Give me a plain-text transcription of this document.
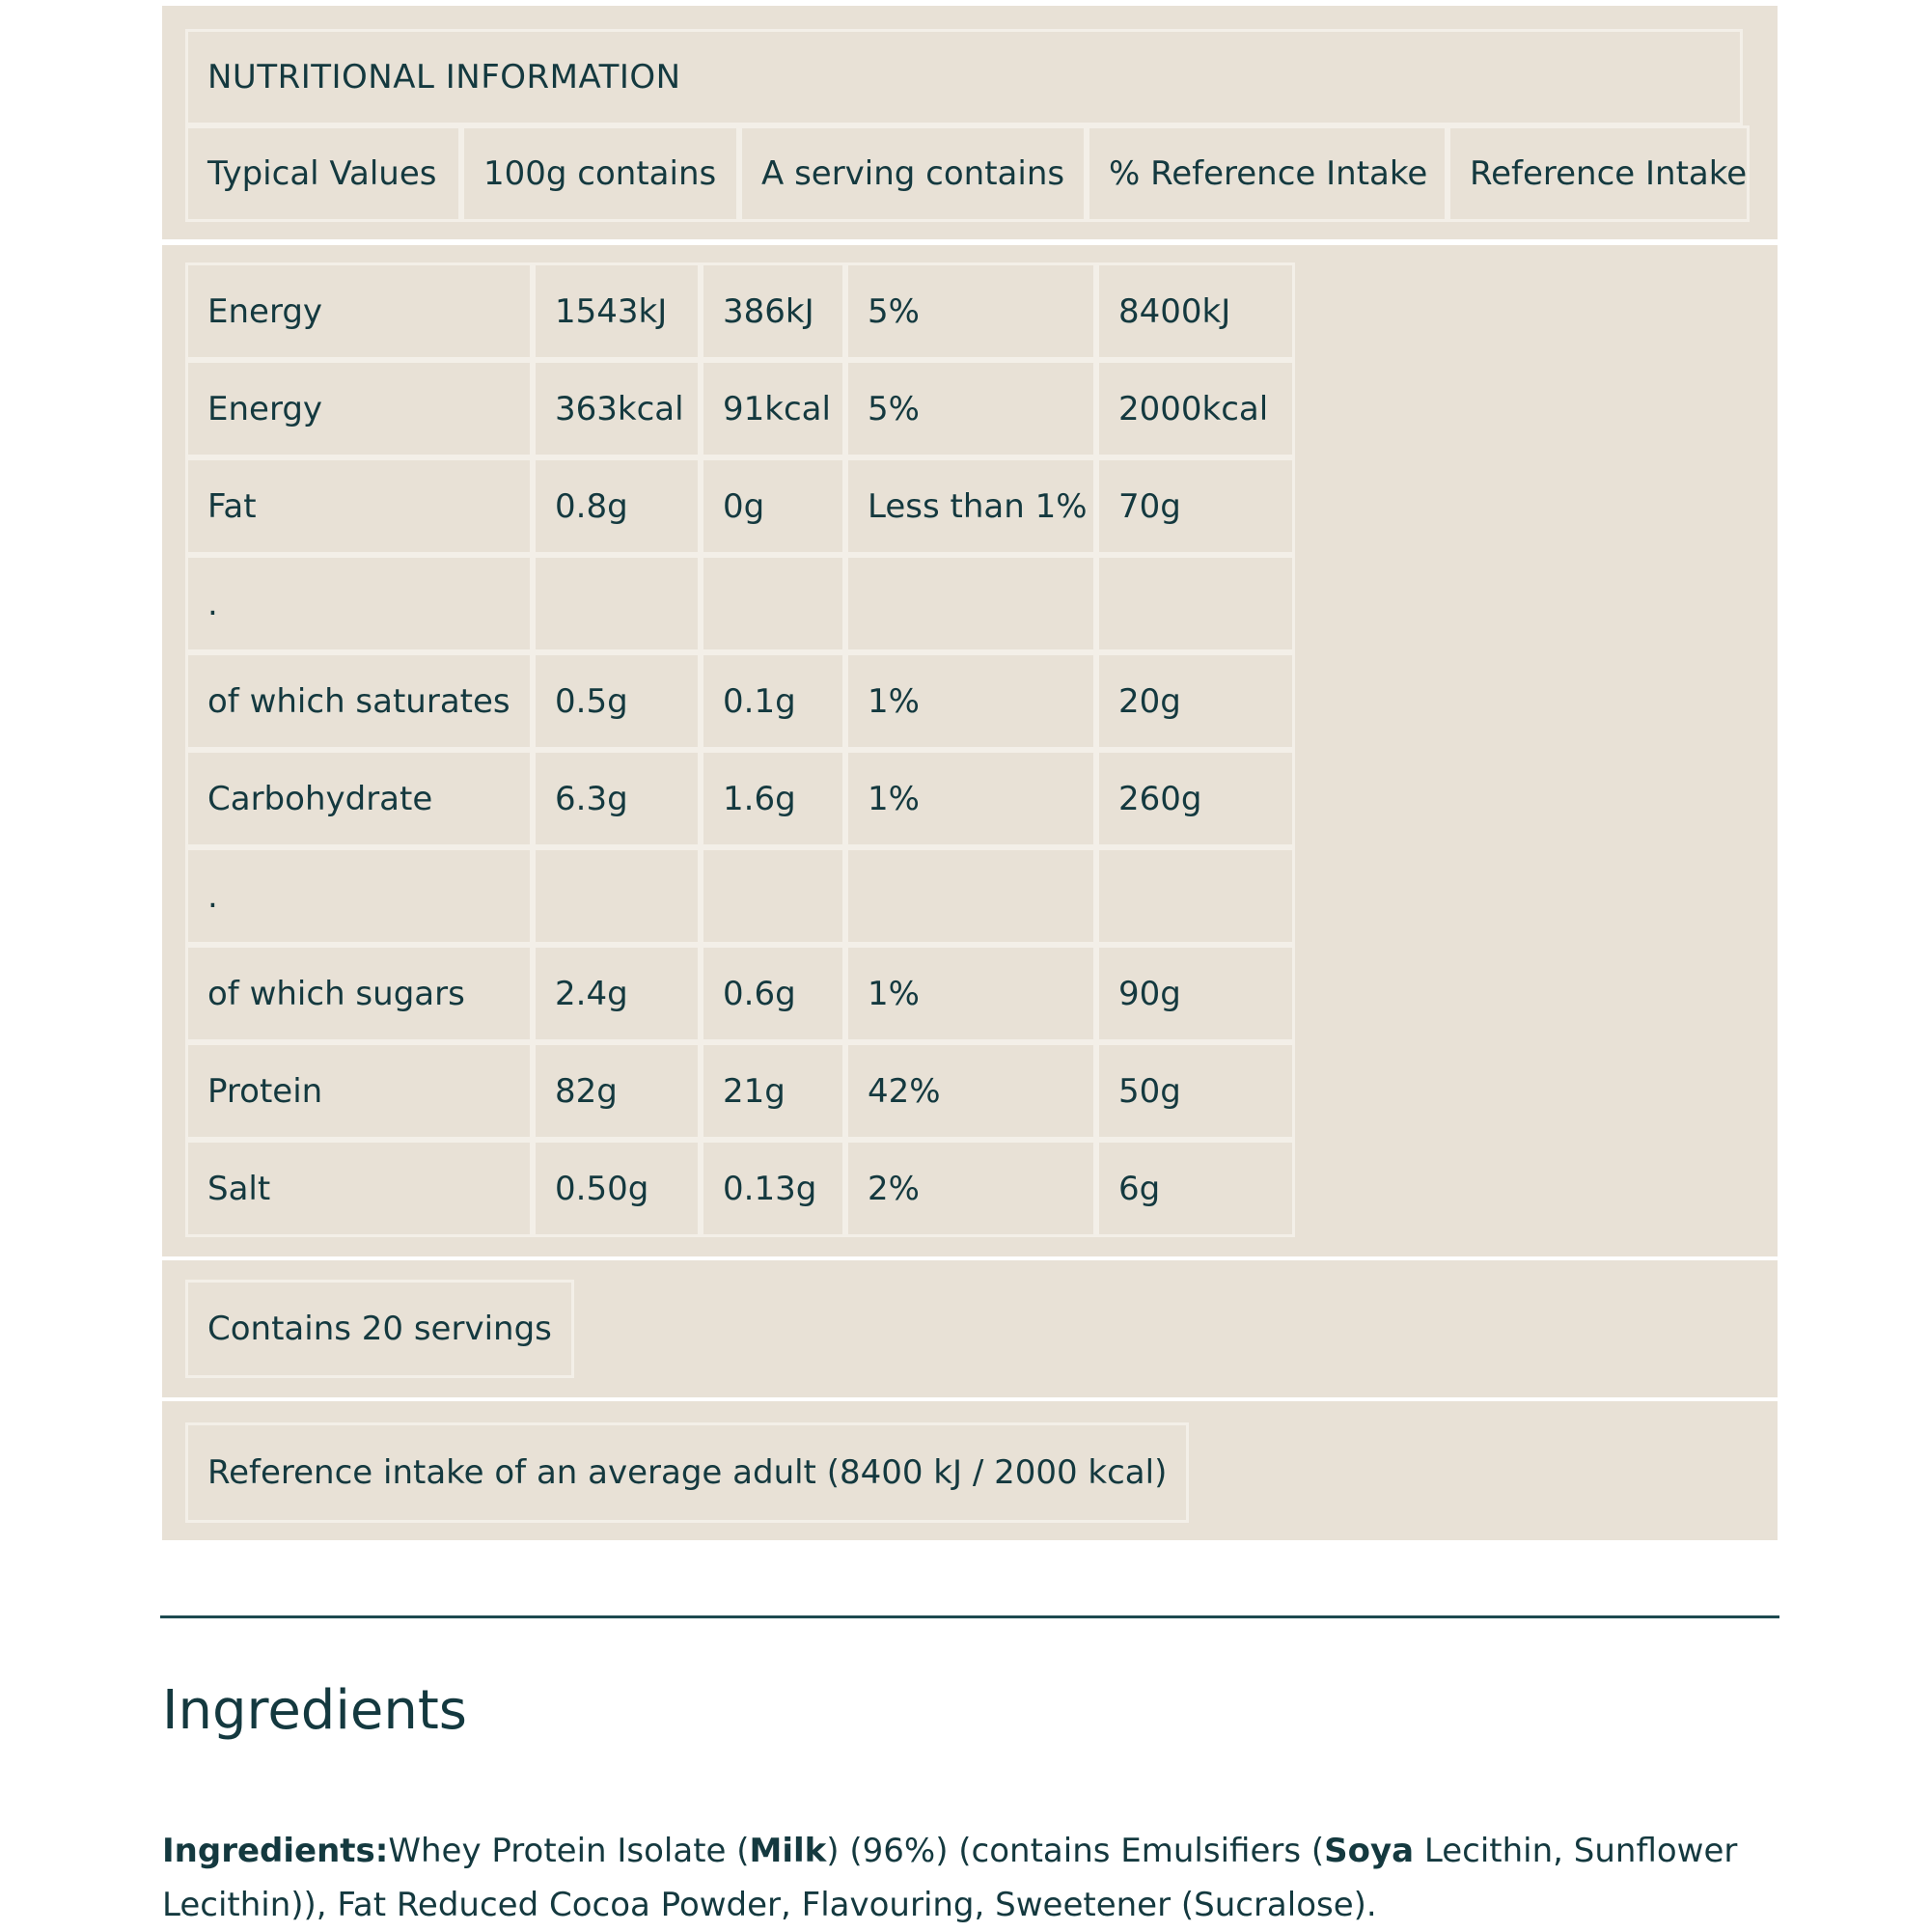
NUTRITIONAL INFORMATION
Typical Values	100g contains	A serving contains	% Reference Intake	Reference Intake
Energy	1543kJ	386kJ	5%	8400kJ
Energy	363kcal	91kcal	5%	2000kcal
Fat	0.8g	0g	Less than 1%	70g
.				
of which saturates	0.5g	0.1g	1%	20g
Carbohydrate	6.3g	1.6g	1%	260g
.				
of which sugars	2.4g	0.6g	1%	90g
Protein	82g	21g	42%	50g
Salt	0.50g	0.13g	2%	6g
Contains 20 servings
Reference intake of an average adult (8400 kJ / 2000 kcal)
Ingredients
Ingredients:Whey Protein Isolate (Milk) (96%) (contains Emulsifiers (Soya Lecithin, Sunflower Lecithin)), Fat Reduced Cocoa Powder, Flavouring, Sweetener (Sucralose).
